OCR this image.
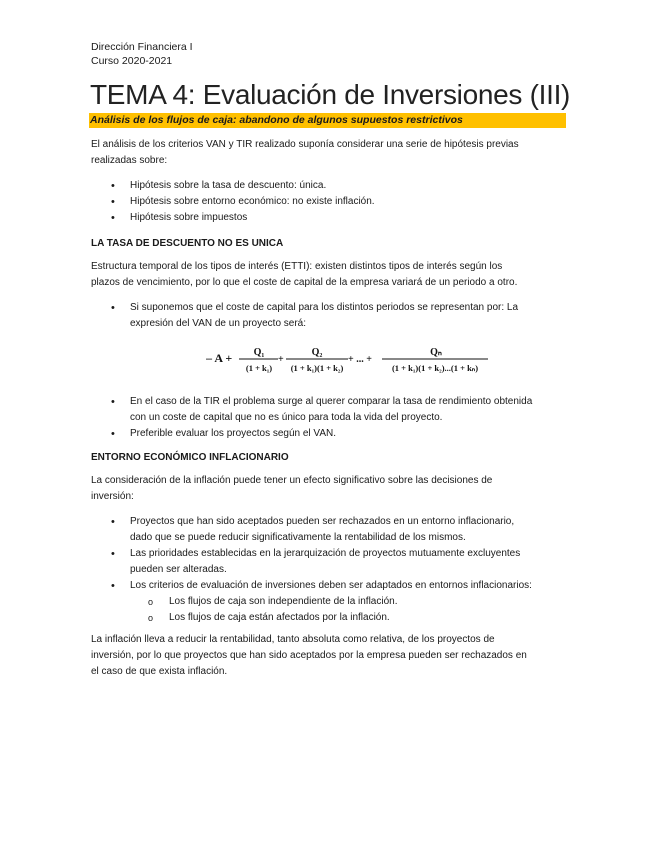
Dirección Financiera I
Curso 2020-2021
TEMA 4: Evaluación de Inversiones (III)
Análisis de los flujos de caja: abandono de algunos supuestos restrictivos

El análisis de los criterios VAN y TIR realizado suponía considerar una serie de hipótesis previas

realizadas sobre:

• Hipótesis sobre la tasa de descuento: única.
• Hipótesis sobre entorno económico: no existe inflación.
• Hipótesis sobre impuestos
LA TASA DE DESCUENTO NO ES UNICA

Estructura temporal de los tipos de interés (ETTI): existen distintos tipos de interés según los

plazos de vencimiento, por lo que el coste de capital de la empresa variará de un periodo a otro.

• Si suponemos que el coste de capital para los distintos periodos se representan por: La
expresión del VAN de un proyecto será:
– A + Q₁
(1 + k₁)
+
Q₂
(1 + k₁)(1 + k₂)
+ ... +
Qₙ
(1 + k₁)(1 + k₂)...(1 + kₙ)
• En el caso de la TIR el problema surge al querer comparar la tasa de rendimiento obtenida
con un coste de capital que no es único para toda la vida del proyecto.
• Preferible evaluar los proyectos según el VAN.
ENTORNO ECONÓMICO INFLACIONARIO

La consideración de la inflación puede tener un efecto significativo sobre las decisiones de

inversión:

• Proyectos que han sido aceptados pueden ser rechazados en un entorno inflacionario,
dado que se puede reducir significativamente la rentabilidad de los mismos.
• Las prioridades establecidas en la jerarquización de proyectos mutuamente excluyentes
pueden ser alteradas.
• Los criterios de evaluación de inversiones deben ser adaptados en entornos inflacionarios:
o Los flujos de caja son independiente de la inflación.
o Los flujos de caja están afectados por la inflación.

La inflación lleva a reducir la rentabilidad, tanto absoluta como relativa, de los proyectos de

inversión, por lo que proyectos que han sido aceptados por la empresa pueden ser rechazados en

el caso de que exista inflación.
